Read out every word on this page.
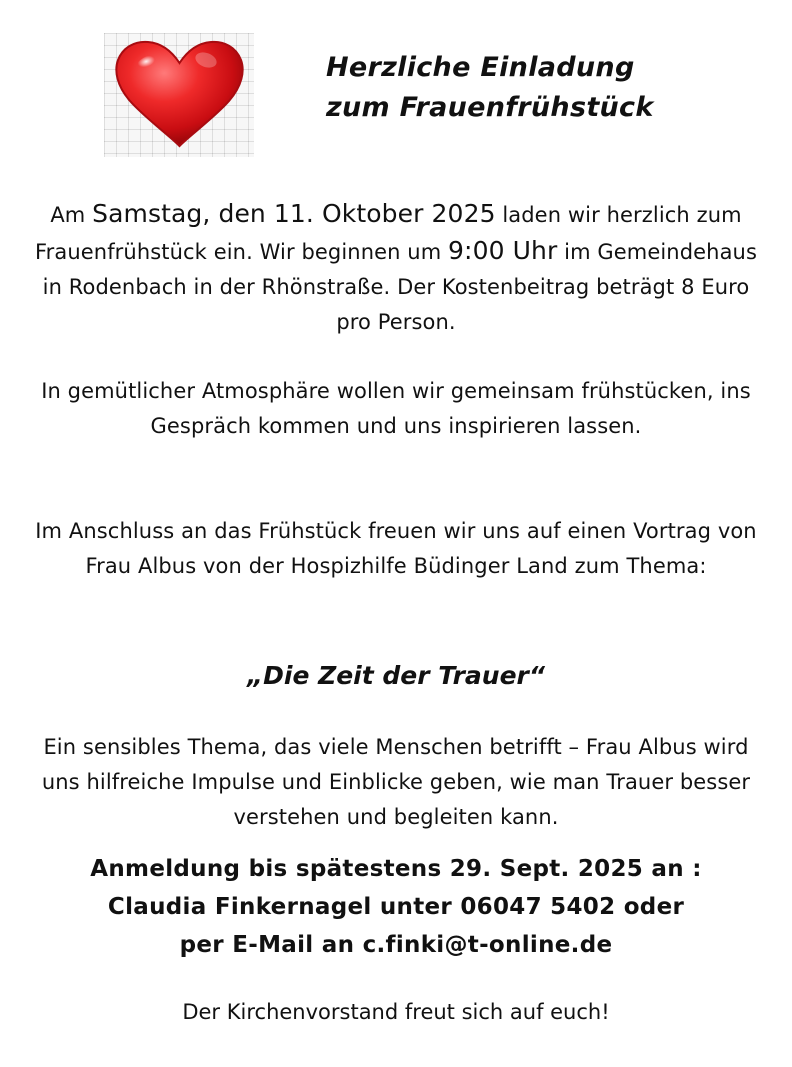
Herzliche Einladung
zum Frauenfrühstück
Am Samstag, den 11. Oktober 2025 laden wir herzlich zum Frauenfrühstück ein. Wir beginnen um 9:00 Uhr im Gemeindehaus in Rodenbach in der Rhönstraße. Der Kostenbeitrag beträgt 8 Euro pro Person.
In gemütlicher Atmosphäre wollen wir gemeinsam frühstücken, ins Gespräch kommen und uns inspirieren lassen.
Im Anschluss an das Frühstück freuen wir uns auf einen Vortrag von Frau Albus von der Hospizhilfe Büdinger Land zum Thema:
„Die Zeit der Trauer“
Ein sensibles Thema, das viele Menschen betrifft – Frau Albus wird uns hilfreiche Impulse und Einblicke geben, wie man Trauer besser verstehen und begleiten kann.
Anmeldung bis spätestens 29. Sept. 2025 an :
Claudia Finkernagel unter 06047 5402 oder
per E-Mail an c.finki@t-online.de
Der Kirchenvorstand freut sich auf euch!
